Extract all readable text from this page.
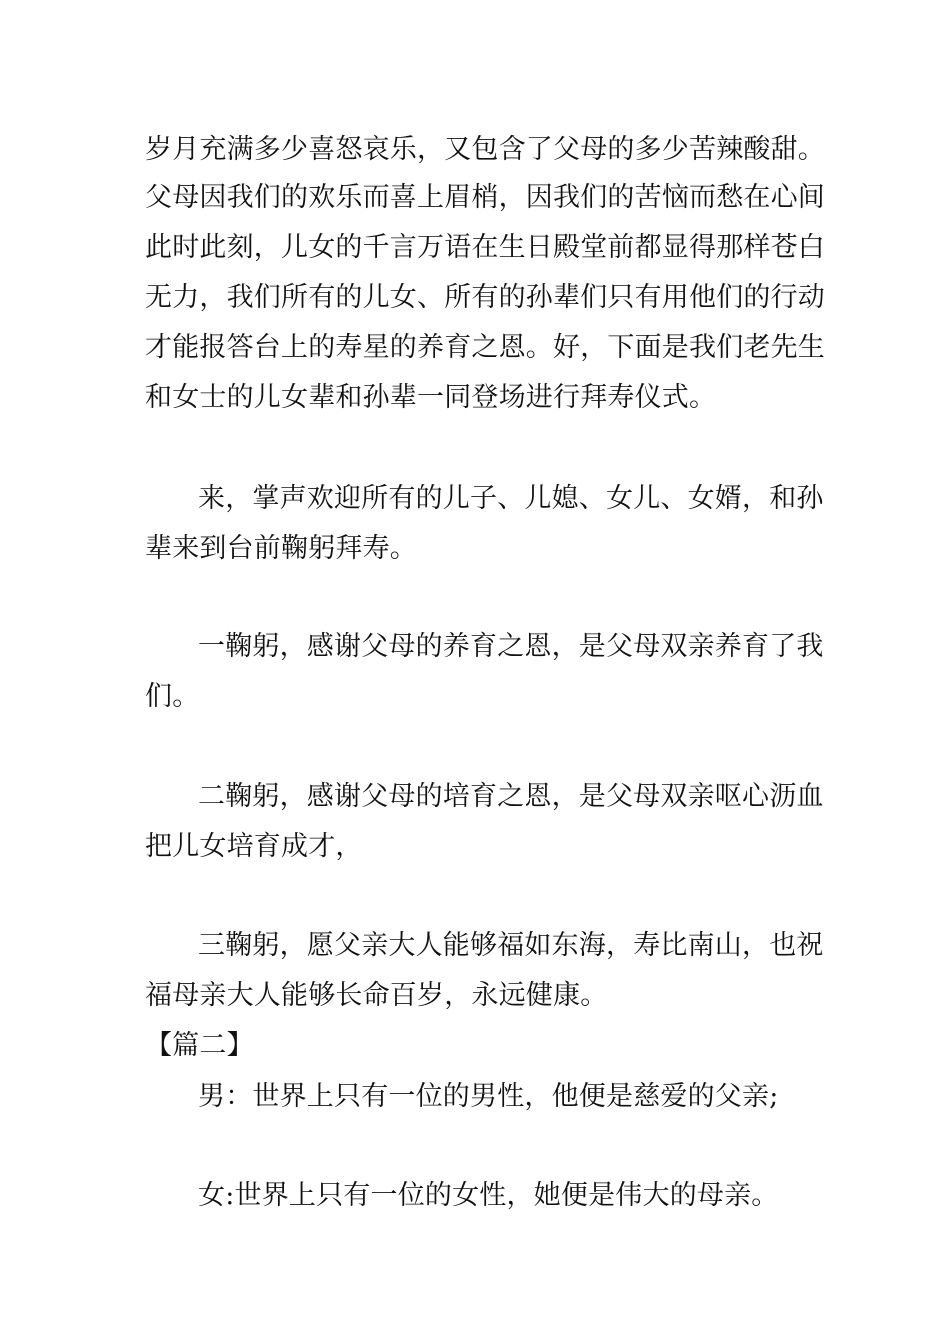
岁月充满多少喜怒哀乐，又包含了父母的多少苦辣酸甜。
父母因我们的欢乐而喜上眉梢，因我们的苦恼而愁在心间
此时此刻，儿女的千言万语在生日殿堂前都显得那样苍白
无力，我们所有的儿女、所有的孙辈们只有用他们的行动
才能报答台上的寿星的养育之恩。好，下面是我们老先生
和女士的儿女辈和孙辈一同登场进行拜寿仪式。
来，掌声欢迎所有的儿子、儿媳、女儿、女婿，和孙
辈来到台前鞠躬拜寿。
一鞠躬，感谢父母的养育之恩，是父母双亲养育了我
们。
二鞠躬，感谢父母的培育之恩，是父母双亲呕心沥血
把儿女培育成才，
三鞠躬，愿父亲大人能够福如东海，寿比南山，也祝
福母亲大人能够长命百岁，永远健康。
【篇二】
男：世界上只有一位的男性，他便是慈爱的父亲;
女:世界上只有一位的女性，她便是伟大的母亲。
